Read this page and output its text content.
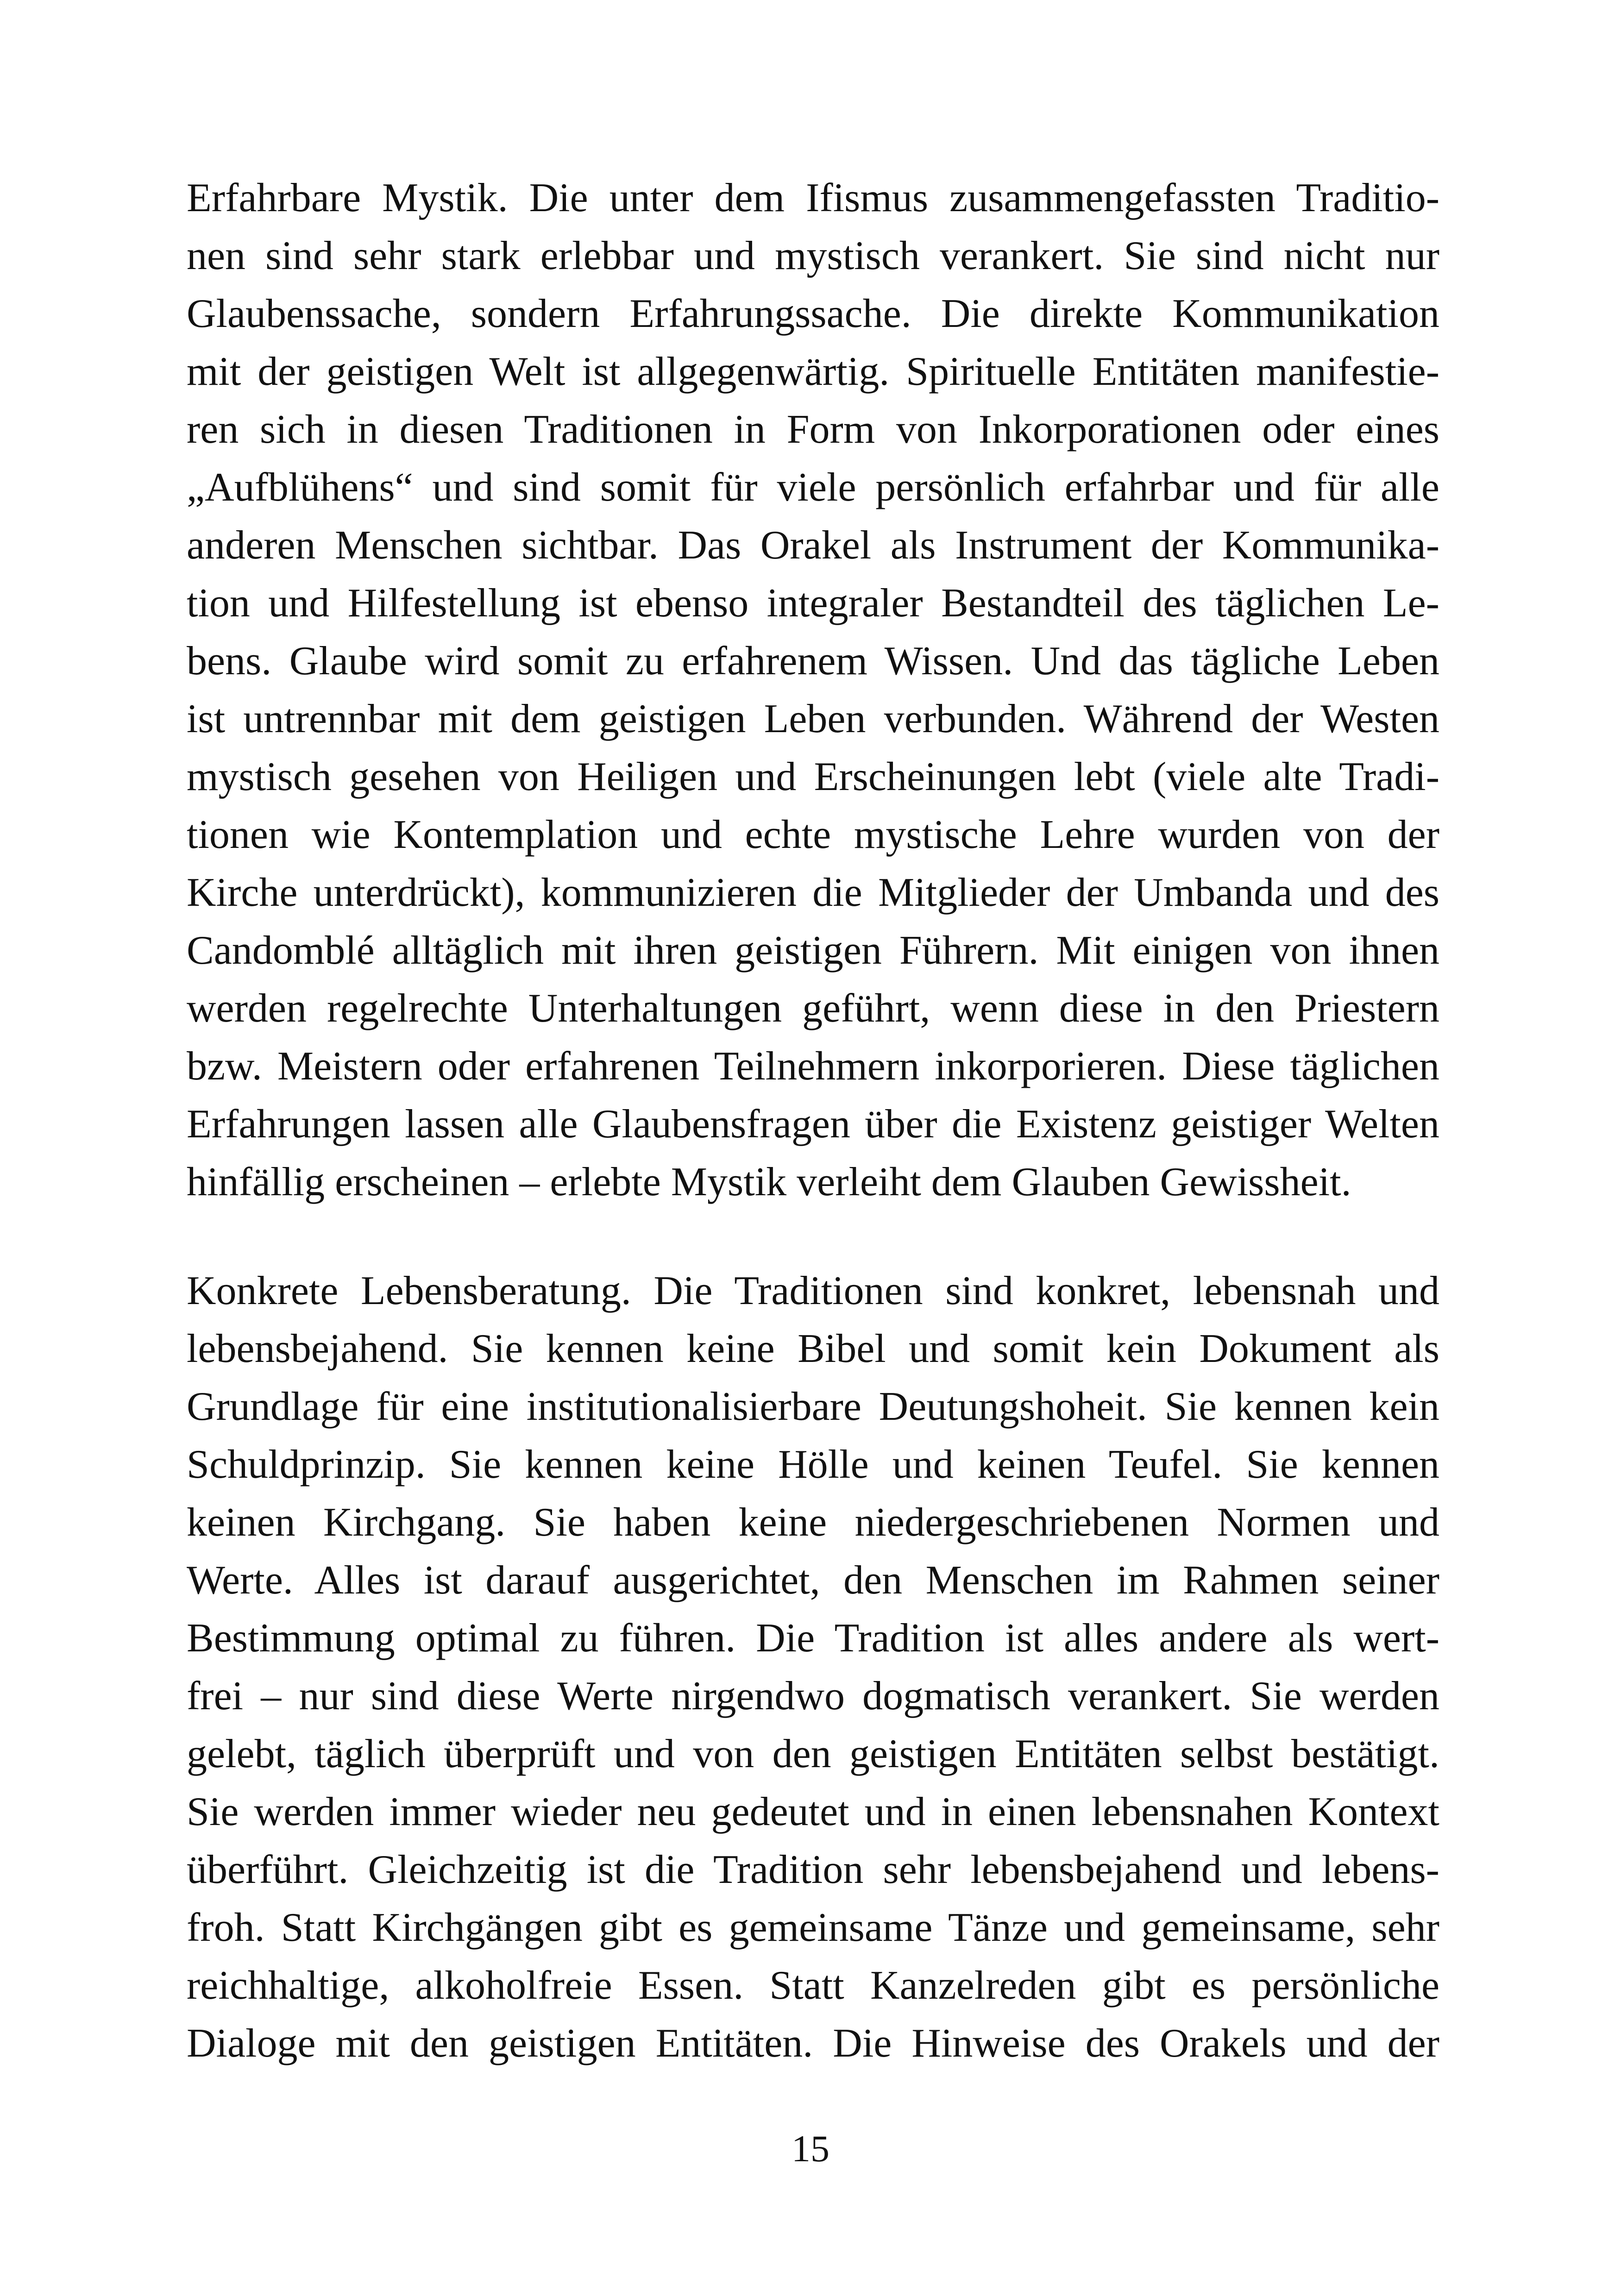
Erfahrbare Mystik. Die unter dem Ifismus zusammengefassten Traditio-
nen sind sehr stark erlebbar und mystisch verankert. Sie sind nicht nur
Glaubenssache, sondern Erfahrungssache. Die direkte Kommunikation
mit der geistigen Welt ist allgegenwärtig. Spirituelle Entitäten manifestie-
ren sich in diesen Traditionen in Form von Inkorporationen oder eines
„Aufblühens“ und sind somit für viele persönlich erfahrbar und für alle
anderen Menschen sichtbar. Das Orakel als Instrument der Kommunika-
tion und Hilfestellung ist ebenso integraler Bestandteil des täglichen Le-
bens. Glaube wird somit zu erfahrenem Wissen. Und das tägliche Leben
ist untrennbar mit dem geistigen Leben verbunden. Während der Westen
mystisch gesehen von Heiligen und Erscheinungen lebt (viele alte Tradi-
tionen wie Kontemplation und echte mystische Lehre wurden von der
Kirche unterdrückt), kommunizieren die Mitglieder der Umbanda und des
Candomblé alltäglich mit ihren geistigen Führern. Mit einigen von ihnen
werden regelrechte Unterhaltungen geführt, wenn diese in den Priestern
bzw. Meistern oder erfahrenen Teilnehmern inkorporieren. Diese täglichen
Erfahrungen lassen alle Glaubensfragen über die Existenz geistiger Welten
hinfällig erscheinen – erlebte Mystik verleiht dem Glauben Gewissheit.
Konkrete Lebensberatung. Die Traditionen sind konkret, lebensnah und
lebensbejahend. Sie kennen keine Bibel und somit kein Dokument als
Grundlage für eine institutionalisierbare Deutungshoheit. Sie kennen kein
Schuldprinzip. Sie kennen keine Hölle und keinen Teufel. Sie kennen
keinen Kirchgang. Sie haben keine niedergeschriebenen Normen und
Werte. Alles ist darauf ausgerichtet, den Menschen im Rahmen seiner
Bestimmung optimal zu führen. Die Tradition ist alles andere als wert-
frei – nur sind diese Werte nirgendwo dogmatisch verankert. Sie werden
gelebt, täglich überprüft und von den geistigen Entitäten selbst bestätigt.
Sie werden immer wieder neu gedeutet und in einen lebensnahen Kontext
überführt. Gleichzeitig ist die Tradition sehr lebensbejahend und lebens-
froh. Statt Kirchgängen gibt es gemeinsame Tänze und gemeinsame, sehr
reichhaltige, alkoholfreie Essen. Statt Kanzelreden gibt es persönliche
Dialoge mit den geistigen Entitäten. Die Hinweise des Orakels und der
15
